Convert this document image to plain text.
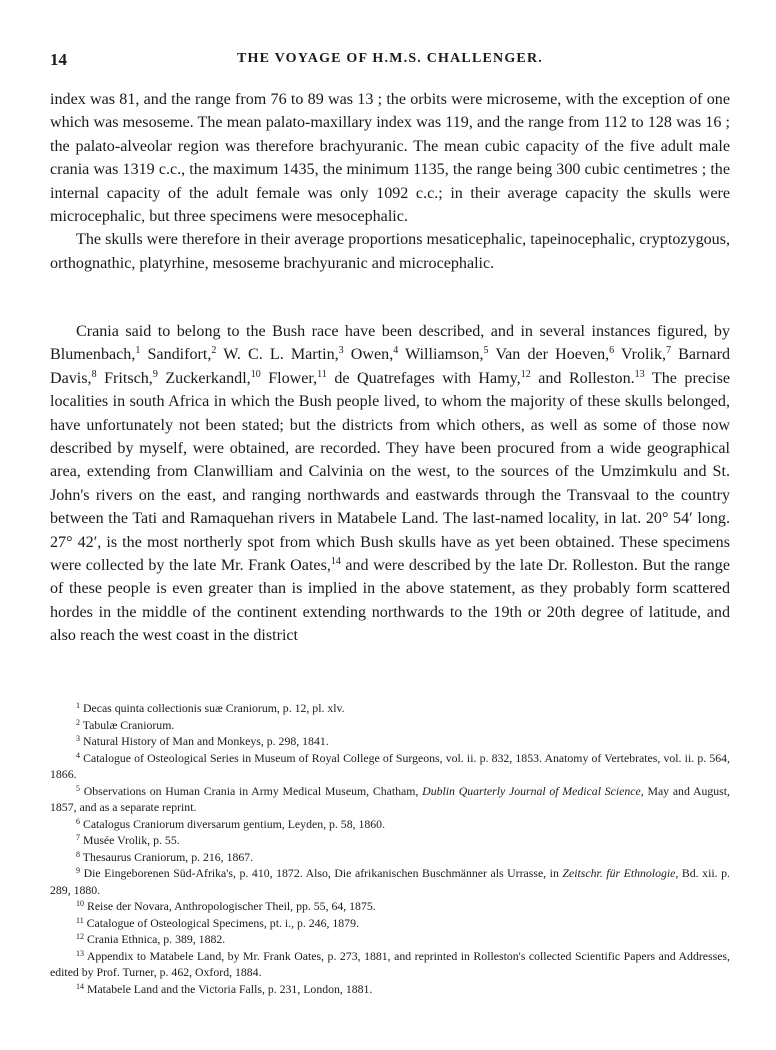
14	THE VOYAGE OF H.M.S. CHALLENGER.

index was 81, and the range from 76 to 89 was 13 ; the orbits were microseme, with the exception of one which was mesoseme. The mean palato-maxillary index was 119, and the range from 112 to 128 was 16 ; the palato-alveolar region was therefore brachyuranic. The mean cubic capacity of the five adult male crania was 1319 c.c., the maximum 1435, the minimum 1135, the range being 300 cubic centimetres ; the internal capacity of the adult female was only 1092 c.c.; in their average capacity the skulls were microcephalic, but three specimens were mesocephalic.

The skulls were therefore in their average proportions mesaticephalic, tapeinocephalic, cryptozygous, orthognathic, platyrhine, mesoseme brachyuranic and microcephalic.

Crania said to belong to the Bush race have been described, and in several instances figured, by Blumenbach,$^1$ Sandifort,$^2$ W. C. L. Martin,$^3$ Owen,$^4$ Williamson,$^5$ Van der Hoeven,$^6$ Vrolik,$^7$ Barnard Davis,$^8$ Fritsch,$^9$ Zuckerkandl,$^{10}$ Flower,$^{11}$ de Quatrefages with Hamy,$^{12}$ and Rolleston.$^{13}$ The precise localities in south Africa in which the Bush people lived, to whom the majority of these skulls belonged, have unfortunately not been stated; but the districts from which others, as well as some of those now described by myself, were obtained, are recorded. They have been procured from a wide geographical area, extending from Clanwilliam and Calvinia on the west, to the sources of the Umzimkulu and St. John's rivers on the east, and ranging northwards and eastwards through the Transvaal to the country between the Tati and Ramaquehan rivers in Matabele Land. The last-named locality, in lat. 20° 54′ long. 27° 42′, is the most northerly spot from which Bush skulls have as yet been obtained. These specimens were collected by the late Mr. Frank Oates,$^{14}$ and were described by the late Dr. Rolleston. But the range of these people is even greater than is implied in the above statement, as they probably form scattered hordes in the middle of the continent extending northwards to the 19th or 20th degree of latitude, and also reach the west coast in the district

$^1$ Decas quinta collectionis suæ Craniorum, p. 12, pl. xlv.

$^2$ Tabulæ Craniorum.

$^3$ Natural History of Man and Monkeys, p. 298, 1841.

$^4$ Catalogue of Osteological Series in Museum of Royal College of Surgeons, vol. ii. p. 832, 1853. Anatomy of Vertebrates, vol. ii. p. 564, 1866.

$^5$ Observations on Human Crania in Army Medical Museum, Chatham, Dublin Quarterly Journal of Medical Science, May and August, 1857, and as a separate reprint.

$^6$ Catalogus Craniorum diversarum gentium, Leyden, p. 58, 1860.

$^7$ Musée Vrolik, p. 55.

$^8$ Thesaurus Craniorum, p. 216, 1867.

$^9$ Die Eingeborenen Süd-Afrika's, p. 410, 1872. Also, Die afrikanischen Buschmänner als Urrasse, in Zeitschr. für Ethnologie, Bd. xii. p. 289, 1880.

$^{10}$ Reise der Novara, Anthropologischer Theil, pp. 55, 64, 1875.

$^{11}$ Catalogue of Osteological Specimens, pt. i., p. 246, 1879.

$^{12}$ Crania Ethnica, p. 389, 1882.

$^{13}$ Appendix to Matabele Land, by Mr. Frank Oates, p. 273, 1881, and reprinted in Rolleston's collected Scientific Papers and Addresses, edited by Prof. Turner, p. 462, Oxford, 1884.

$^{14}$ Matabele Land and the Victoria Falls, p. 231, London, 1881.
